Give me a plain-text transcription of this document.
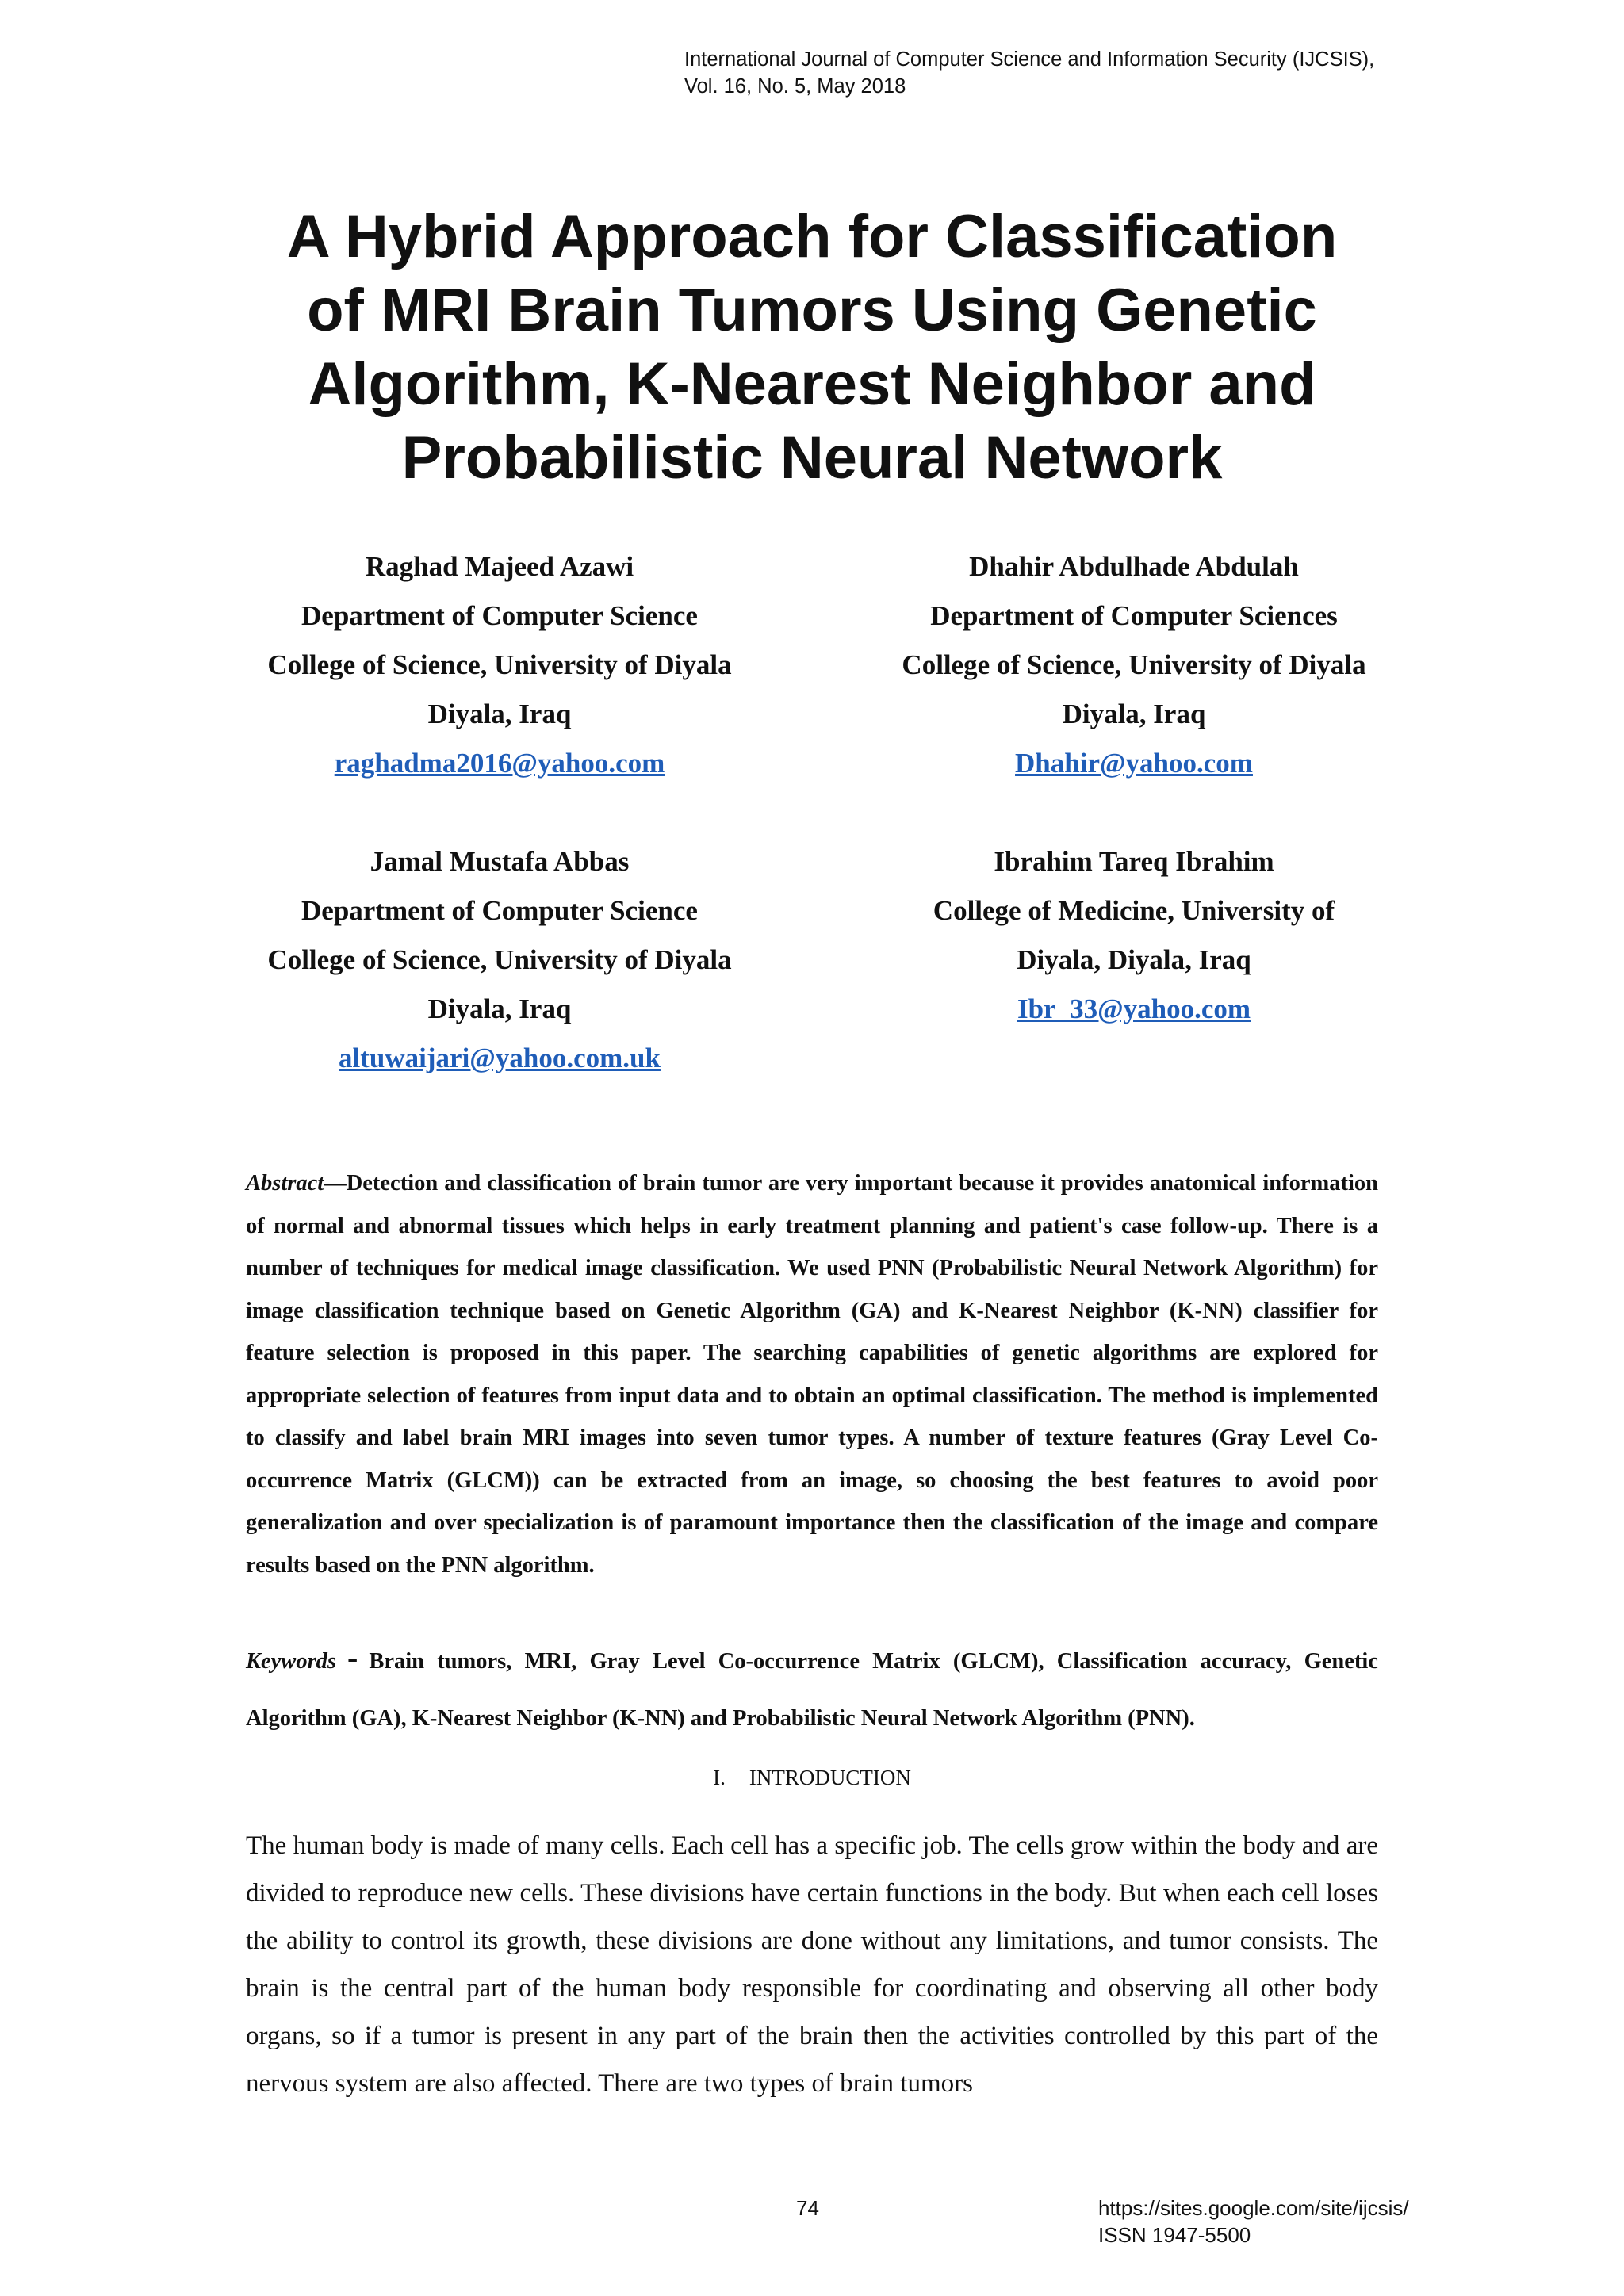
International Journal of Computer Science and Information Security (IJCSIS),
Vol. 16, No. 5, May 2018
A Hybrid Approach for Classification
of MRI Brain Tumors Using Genetic
Algorithm, K-Nearest Neighbor and
Probabilistic Neural Network
Raghad Majeed Azawi
Department of Computer Science
College of Science, University of Diyala
Diyala, Iraq
raghadma2016@yahoo.com
Dhahir Abdulhade Abdulah
Department of Computer Sciences
College of Science, University of Diyala
Diyala, Iraq
Dhahir@yahoo.com
Jamal Mustafa Abbas
Department of Computer Science
College of Science, University of Diyala
Diyala, Iraq
altuwaijari@yahoo.com.uk
Ibrahim Tareq Ibrahim
College of Medicine, University of
Diyala, Diyala, Iraq
Ibr_33@yahoo.com

Abstract—Detection and classification of brain tumor are very important because it provides anatomical information of normal and abnormal tissues which helps in early treatment planning and patient's case follow-up. There is a number of techniques for medical image classification. We used PNN (Probabilistic Neural Network Algorithm) for image classification technique based on Genetic Algorithm (GA) and K-Nearest Neighbor (K-NN) classifier for feature selection is proposed in this paper. The searching capabilities of genetic algorithms are explored for appropriate selection of features from input data and to obtain an optimal classification. The method is implemented to classify and label brain MRI images into seven tumor types. A number of texture features (Gray Level Co-occurrence Matrix (GLCM)) can be extracted from an image, so choosing the best features to avoid poor generalization and over specialization is of paramount importance then the classification of the image and compare results based on the PNN algorithm.

Keywords - Brain tumors, MRI, Gray Level Co-occurrence Matrix (GLCM), Classification accuracy, Genetic Algorithm (GA), K-Nearest Neighbor (K-NN) and Probabilistic Neural Network Algorithm (PNN).

I. INTRODUCTION

The human body is made of many cells. Each cell has a specific job. The cells grow within the body and are divided to reproduce new cells. These divisions have certain functions in the body. But when each cell loses the ability to control its growth, these divisions are done without any limitations, and tumor consists. The brain is the central part of the human body responsible for coordinating and observing all other body organs, so if a tumor is present in any part of the brain then the activities controlled by this part of the nervous system are also affected. There are two types of brain tumors

74	https://sites.google.com/site/ijcsis/
ISSN 1947-5500
